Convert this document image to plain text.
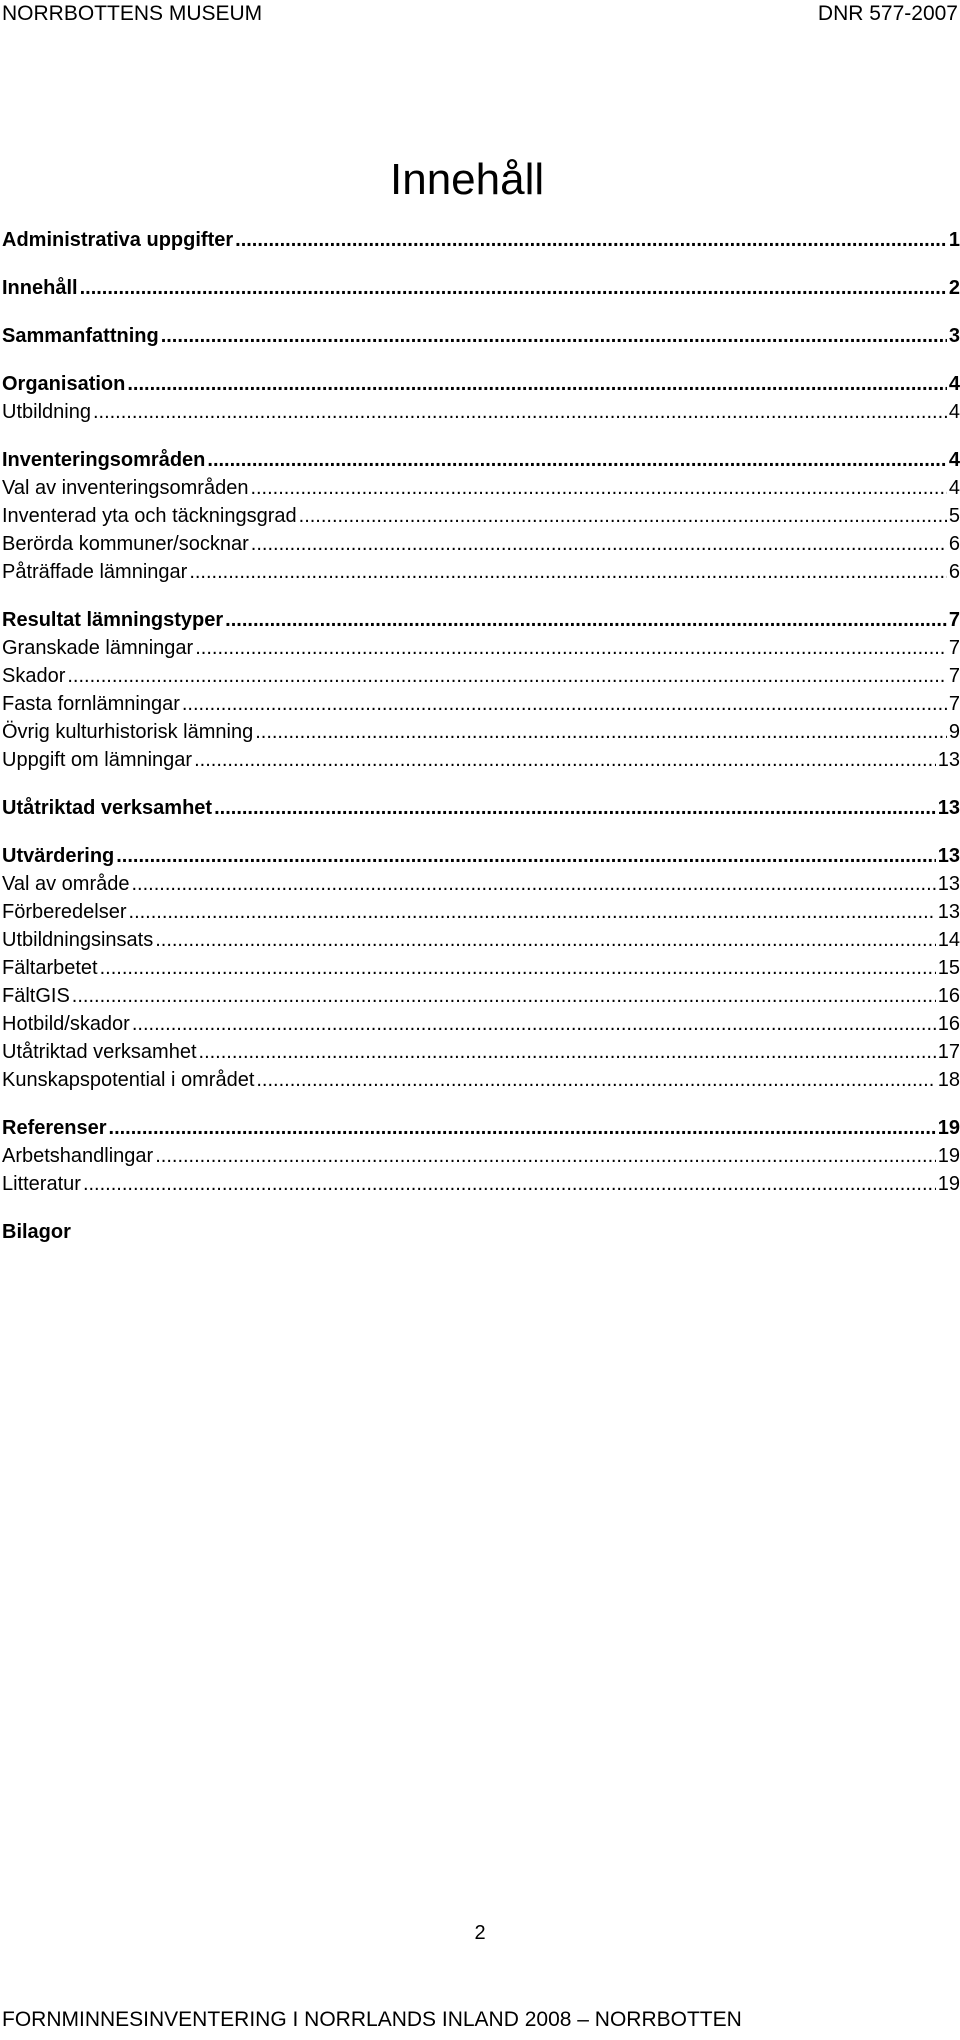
NORRBOTTENS MUSEUM	DNR 577-2007
Innehåll
Administrativa uppgifter .....	1
Innehåll .....	2
Sammanfattning .....	3
Organisation .....	4
Utbildning .....	4
Inventeringsområden .....	4
Val av inventeringsområden .....	4
Inventerad yta och täckningsgrad .....	5
Berörda kommuner/socknar .....	6
Påträffade lämningar .....	6
Resultat lämningstyper .....	7
Granskade lämningar .....	7
Skador .....	7
Fasta fornlämningar .....	7
Övrig kulturhistorisk lämning .....	9
Uppgift om lämningar .....	13
Utåtriktad verksamhet .....	13
Utvärdering .....	13
Val av område .....	13
Förberedelser .....	13
Utbildningsinsats .....	14
Fältarbetet .....	15
FältGIS .....	16
Hotbild/skador .....	16
Utåtriktad verksamhet .....	17
Kunskapspotential i området .....	18
Referenser .....	19
Arbetshandlingar .....	19
Litteratur .....	19
Bilagor
2
FORNMINNESINVENTERING I NORRLANDS INLAND 2008 – NORRBOTTEN
